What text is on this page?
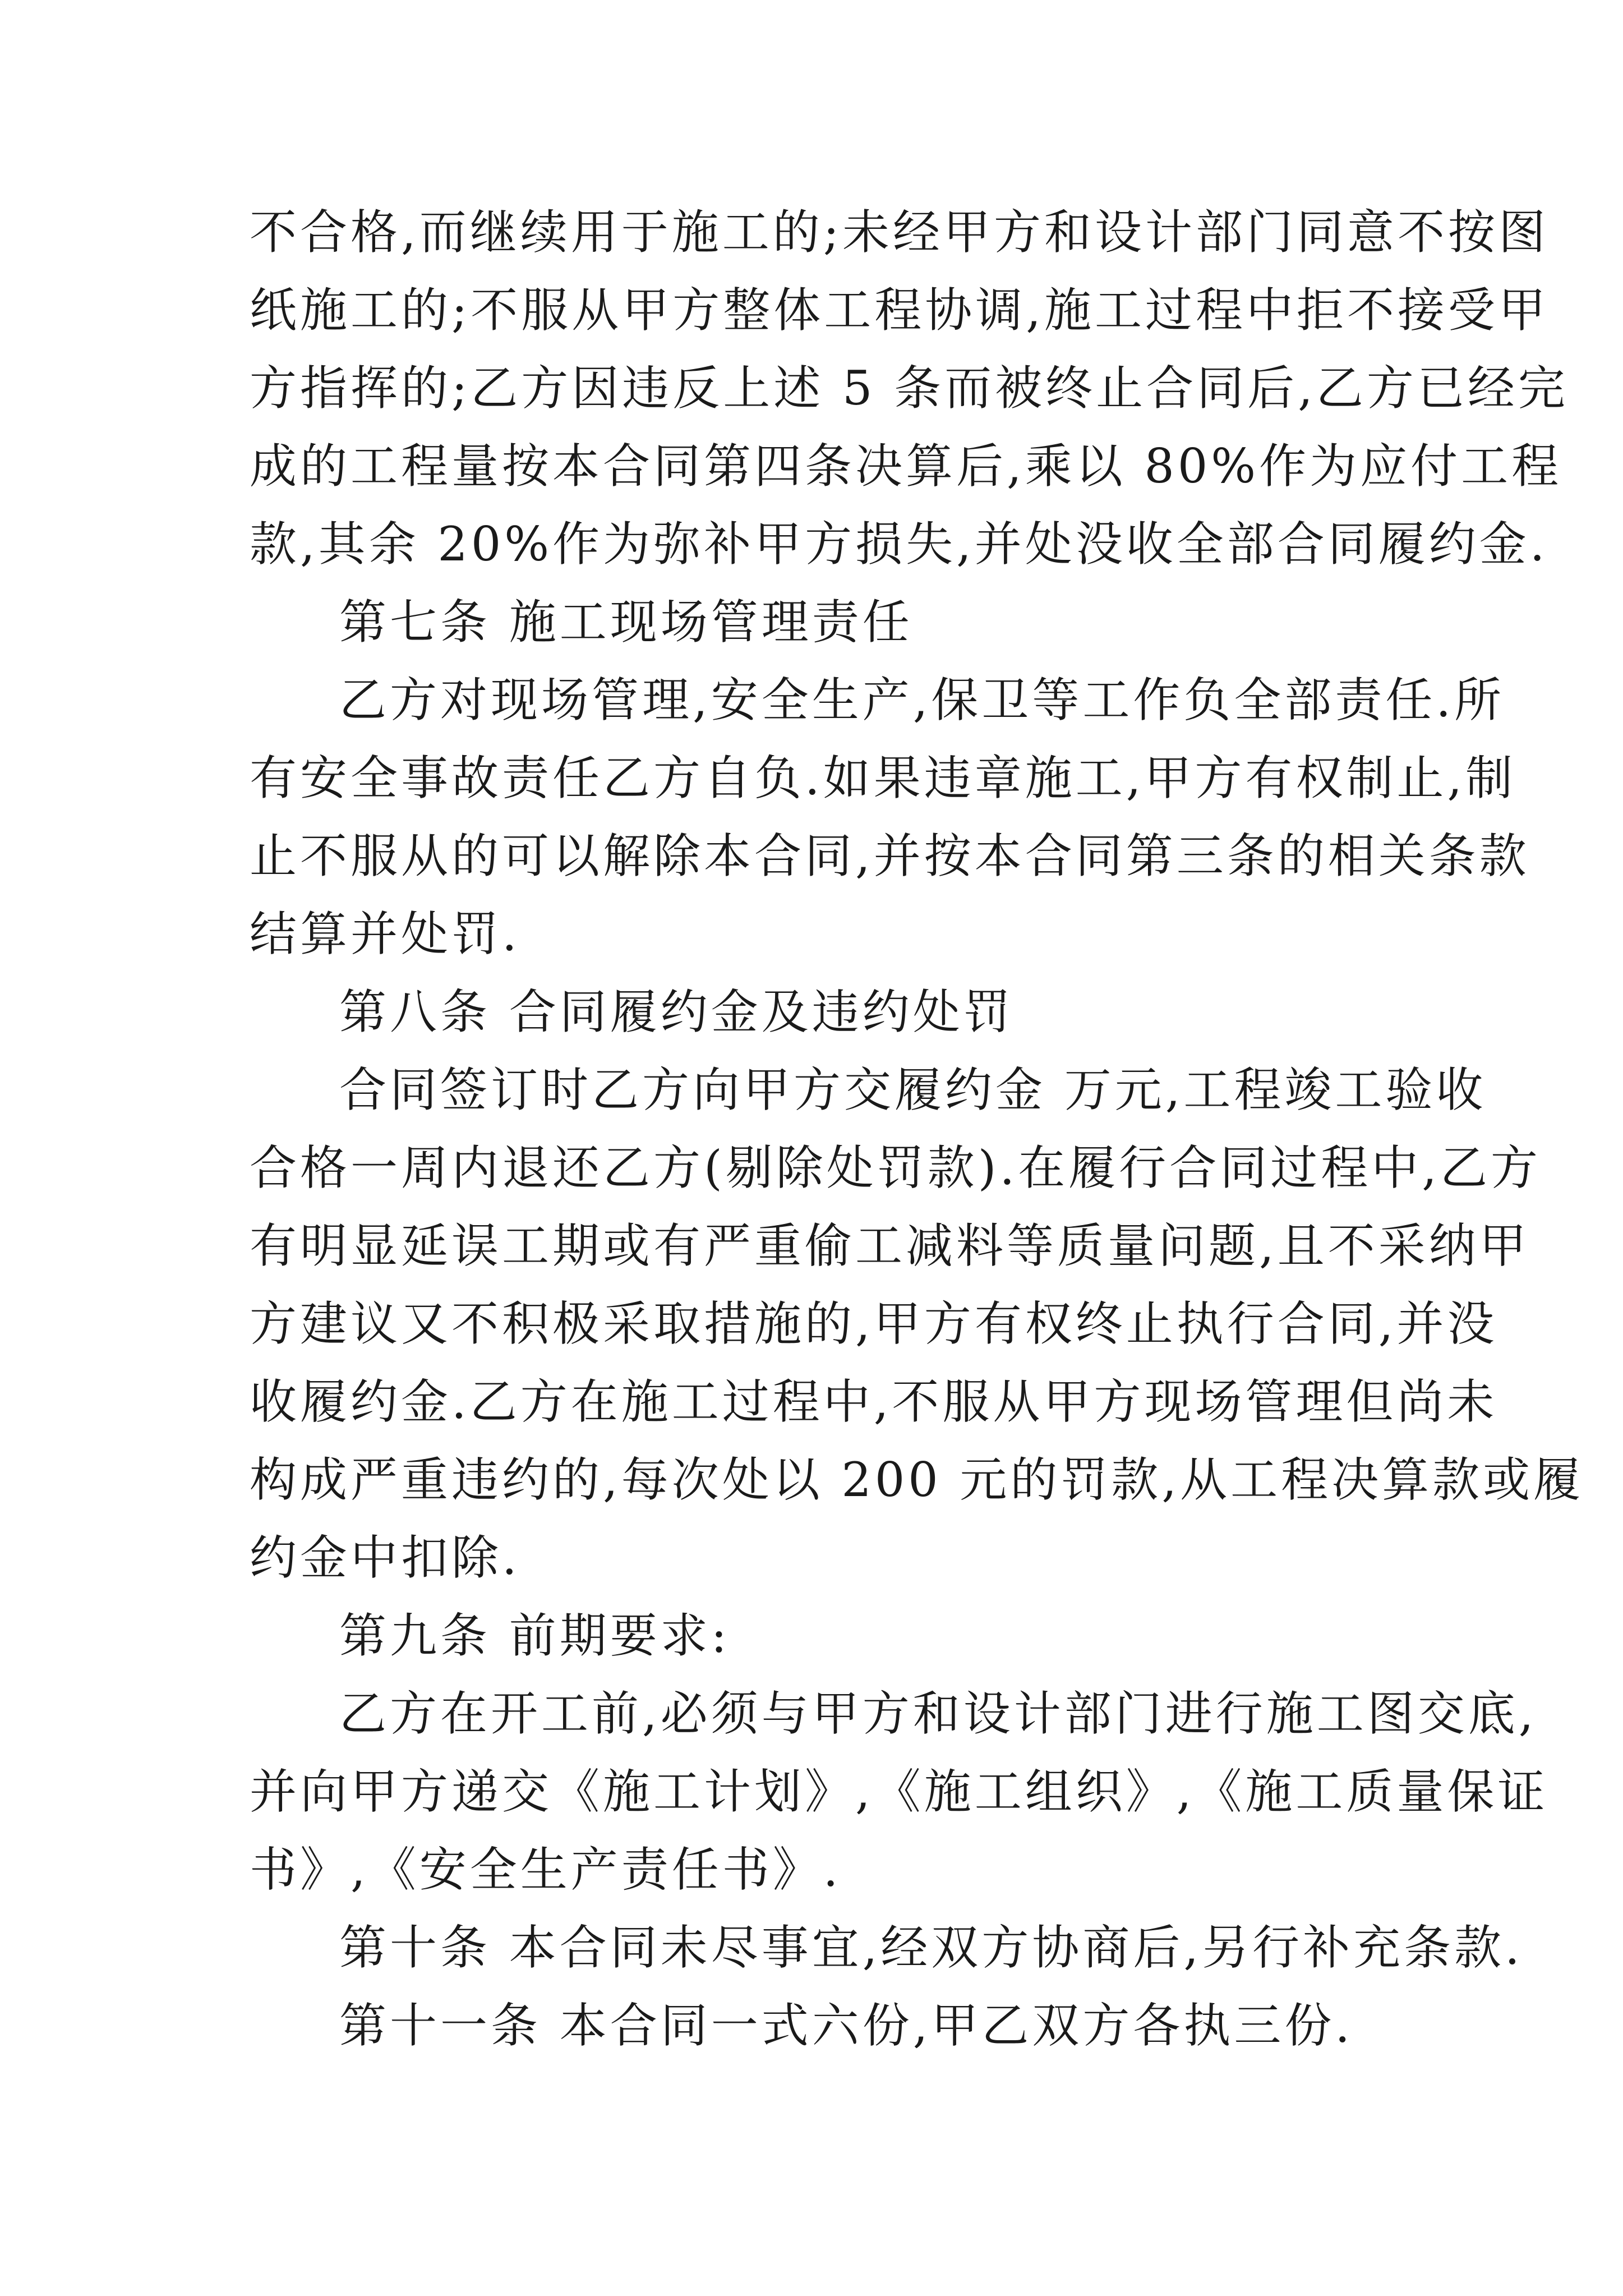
不合格,而继续用于施工的;未经甲方和设计部门同意不按图
纸施工的;不服从甲方整体工程协调,施工过程中拒不接受甲
方指挥的;乙方因违反上述 5 条而被终止合同后,乙方已经完
成的工程量按本合同第四条决算后,乘以 80%作为应付工程
款,其余 20%作为弥补甲方损失,并处没收全部合同履约金.
第七条 施工现场管理责任
乙方对现场管理,安全生产,保卫等工作负全部责任.所
有安全事故责任乙方自负.如果违章施工,甲方有权制止,制
止不服从的可以解除本合同,并按本合同第三条的相关条款
结算并处罚.
第八条 合同履约金及违约处罚
合同签订时乙方向甲方交履约金 万元,工程竣工验收
合格一周内退还乙方(剔除处罚款).在履行合同过程中,乙方
有明显延误工期或有严重偷工减料等质量问题,且不采纳甲
方建议又不积极采取措施的,甲方有权终止执行合同,并没
收履约金.乙方在施工过程中,不服从甲方现场管理但尚未
构成严重违约的,每次处以 200 元的罚款,从工程决算款或履
约金中扣除.
第九条 前期要求:
乙方在开工前,必须与甲方和设计部门进行施工图交底,
并向甲方递交《施工计划》,《施工组织》,《施工质量保证
书》,《安全生产责任书》.
第十条 本合同未尽事宜,经双方协商后,另行补充条款.
第十一条 本合同一式六份,甲乙双方各执三份.
